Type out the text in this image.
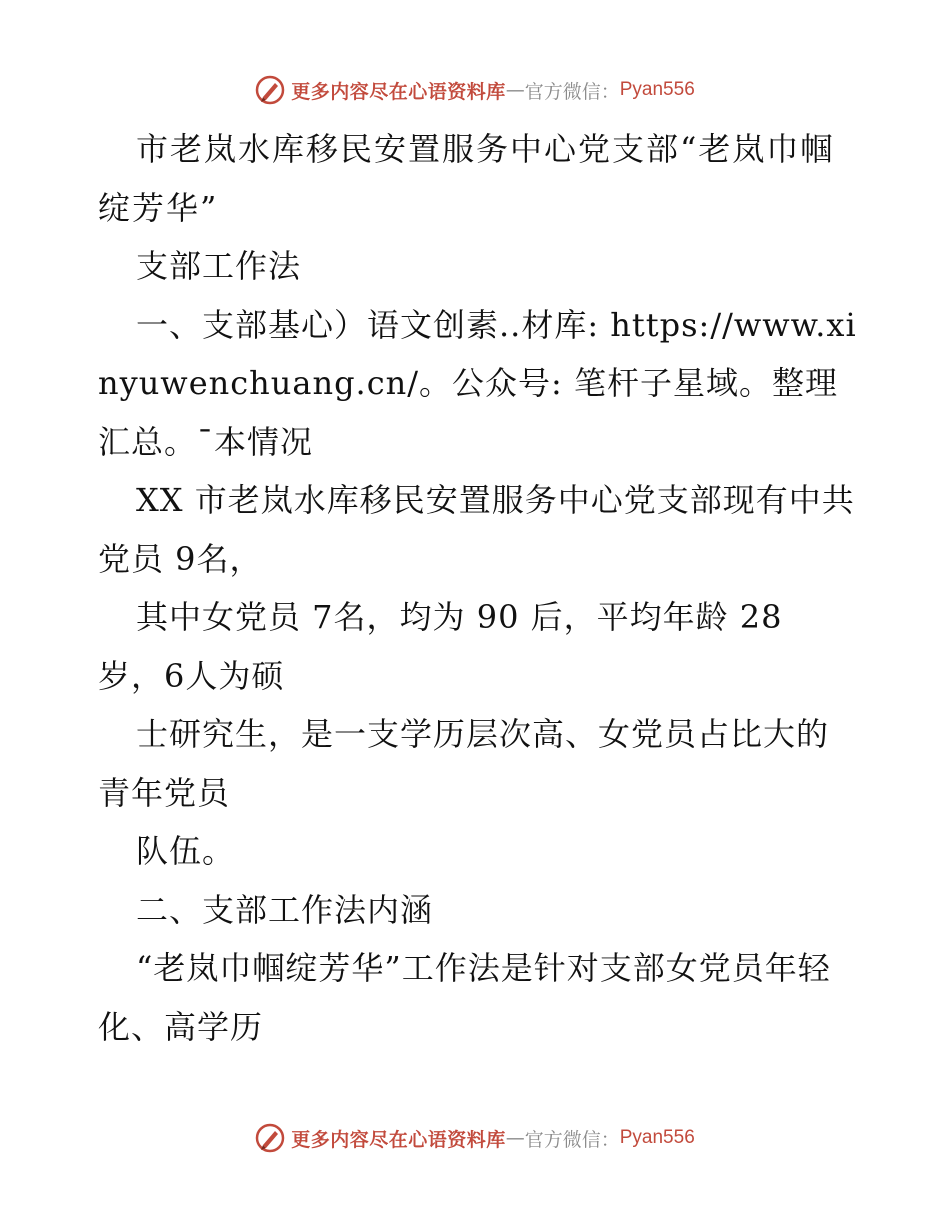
更多内容尽在心语资料库 — 官方微信： Pyan556

市老岚水库移民安置服务中心党支部“老岚巾帼绽芳华”

支部工作法

一、支部基心）语文创素..材库: https://www.xinyuwenchuang.cn/。公众号: 笔杆子星域。整理汇总。¯本情况

XX 市老岚水库移民安置服务中心党支部现有中共党员 9名，

其中女党员 7名，均为 90 后，平均年龄 28 岁，6人为硕

士研究生，是一支学历层次高、女党员占比大的青年党员

队伍。

二、支部工作法内涵

“老岚巾帼绽芳华”工作法是针对支部女党员年轻化、高学历

更多内容尽在心语资料库 — 官方微信： Pyan556
